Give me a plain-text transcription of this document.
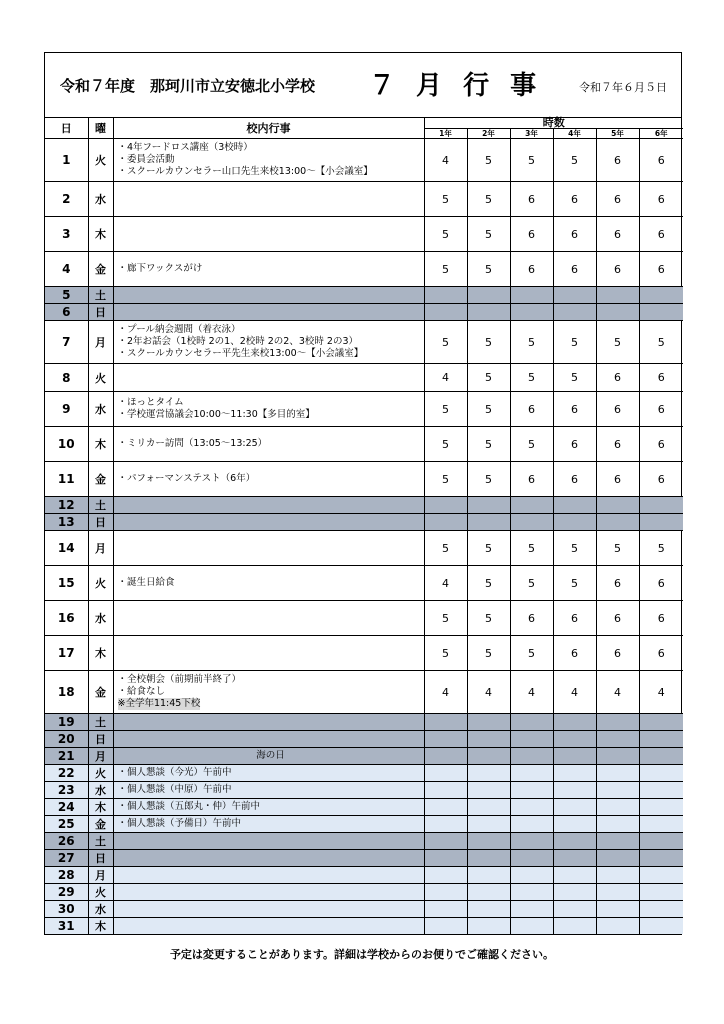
令和７年度　那珂川市立安徳北小学校 ７ 月 行 事	令和７年６月５日
日	曜	校内行事	時数					
			1年	2年	3年	4年	5年	6年
1	火	・4年フードロス講座（3校時）
・委員会活動
・スクールカウンセラー山口先生来校13:00～【小会議室】	4	5	5	5	6	6
2	水		5	5	6	6	6	6
3	木		5	5	6	6	6	6
4	金	・廊下ワックスがけ	5	5	6	6	6	6
5	土							
6	日							
7	月	・プール納会週間（着衣泳）
・2年お話会（1校時 2の1、2校時 2の2、3校時 2の3）
・スクールカウンセラー平先生来校13:00～【小会議室】	5	5	5	5	5	5
8	火		4	5	5	5	6	6
9	水	・ほっとタイム
・学校運営協議会10:00～11:30【多目的室】	5	5	6	6	6	6
10	木	・ミリカー訪問（13:05～13:25）	5	5	5	6	6	6
11	金	・パフォーマンステスト（6年）	5	5	6	6	6	6
12	土							
13	日							
14	月		5	5	5	5	5	5
15	火	・誕生日給食	4	5	5	5	6	6
16	水		5	5	6	6	6	6
17	木		5	5	5	6	6	6
18	金	・全校朝会（前期前半終了）
・給食なし
※全学年11:45下校	4	4	4	4	4	4
19	土							
20	日							
21	月	海の日						

22	火	・個人懇談（今光）午前中						

23	水	・個人懇談（中原）午前中						

24	木	・個人懇談（五郎丸・仲）午前中						

25	金	・個人懇談（予備日）午前中						

26	土							
27	日							
28	月							
29	火							
30	水							
31	木							
予定は変更することがあります。詳細は学校からのお便りでご確認ください。
